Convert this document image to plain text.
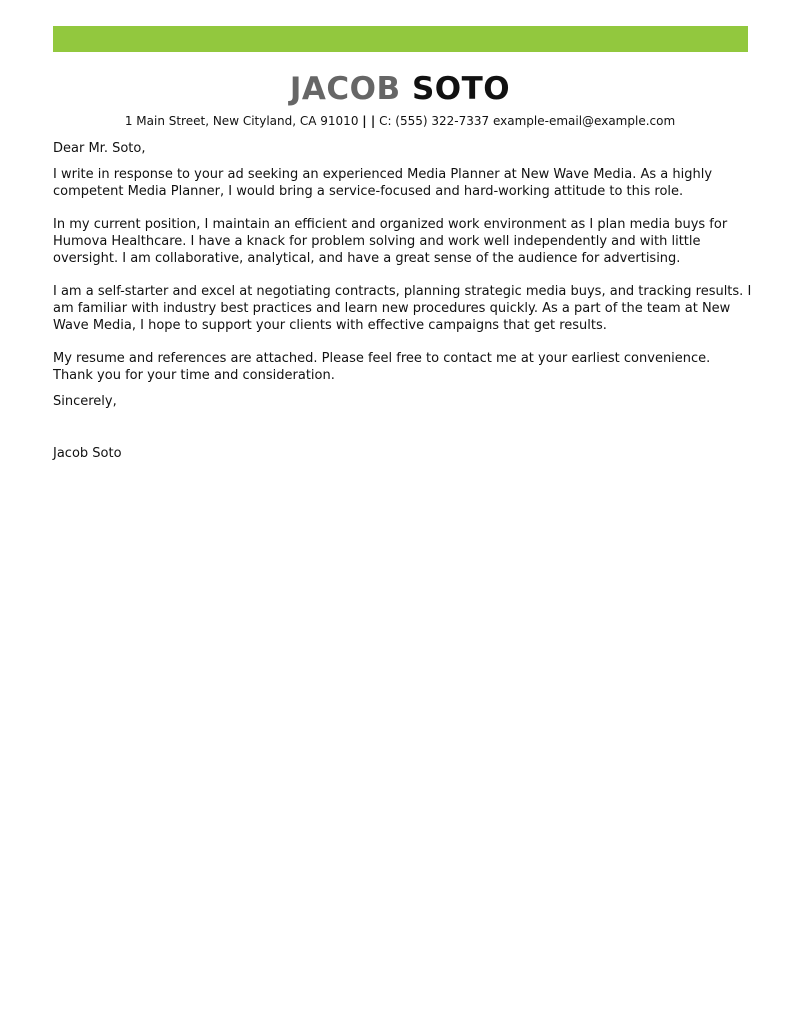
JACOB SOTO
1 Main Street, New Cityland, CA 91010 | | C: (555) 322-7337 example-email@example.com

Dear Mr. Soto,

I write in response to your ad seeking an experienced Media Planner at New Wave Media. As a highly competent Media Planner, I would bring a service-focused and hard-working attitude to this role.

In my current position, I maintain an efficient and organized work environment as I plan media buys for Humova Healthcare. I have a knack for problem solving and work well independently and with little oversight. I am collaborative, analytical, and have a great sense of the audience for advertising.

I am a self-starter and excel at negotiating contracts, planning strategic media buys, and tracking results. I am familiar with industry best practices and learn new procedures quickly. As a part of the team at New Wave Media, I hope to support your clients with effective campaigns that get results.

My resume and references are attached. Please feel free to contact me at your earliest convenience. Thank you for your time and consideration.

Sincerely,

Jacob Soto
